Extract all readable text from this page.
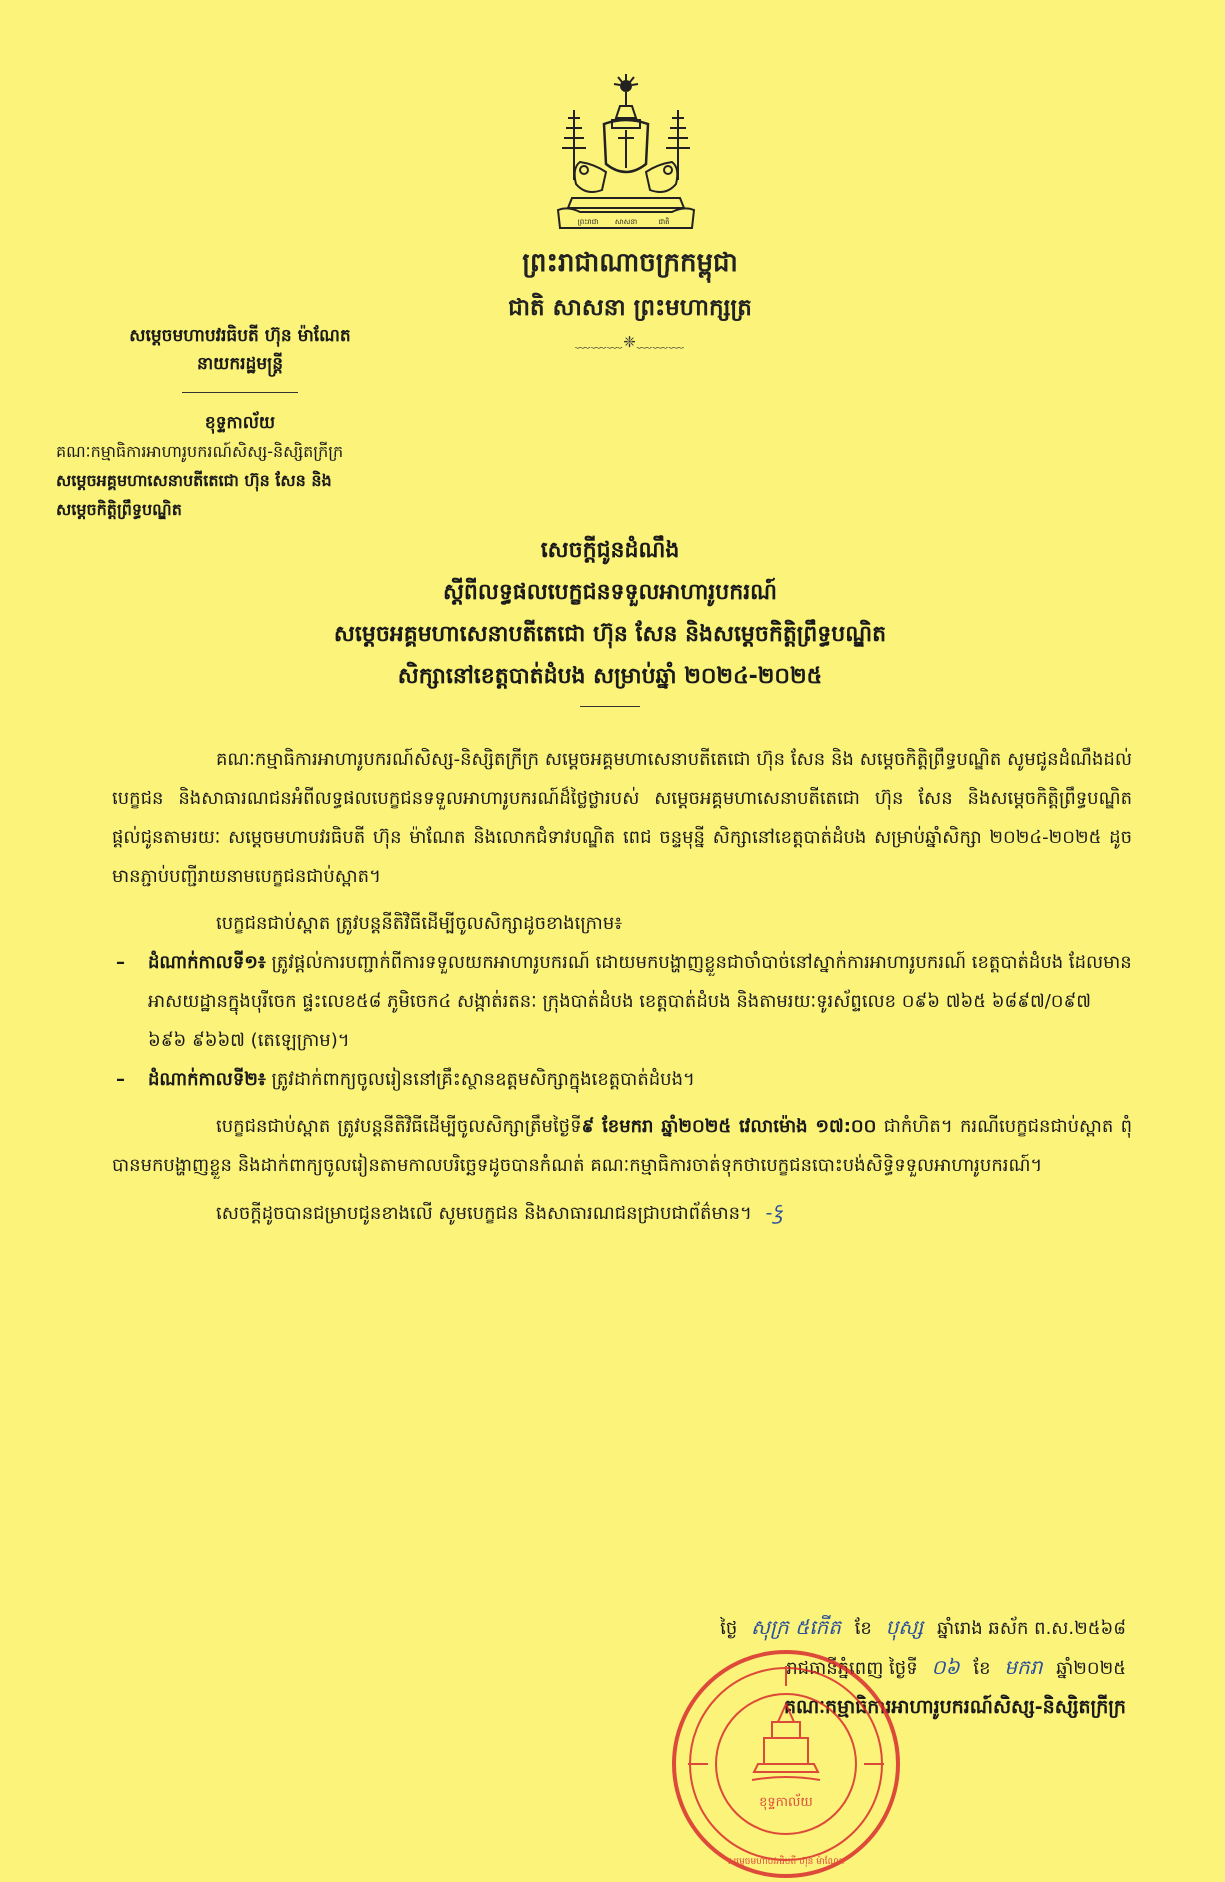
ព្រះរាជា សាសនា	ជាតិ
ព្រះរាជាណាចក្រកម្ពុជា
ជាតិ សាសនា ព្រះមហាក្សត្រ
﹏﹏﹏❈﹏﹏﹏
សម្តេចមហាបវរធិបតី ហ៊ុន ម៉ាណែត
នាយករដ្ឋមន្ត្រី
ខុទ្ទកាល័យ
គណៈកម្មាធិការអាហារូបករណ៍សិស្ស-និស្សិតក្រីក្រ
សម្តេចអគ្គមហាសេនាបតីតេជោ ហ៊ុន សែន និង
សម្តេចកិត្តិព្រឹទ្ធបណ្ឌិត
សេចក្តីជូនដំណឹង
ស្តីពីលទ្ធផលបេក្ខជនទទួលអាហារូបករណ៍
សម្តេចអគ្គមហាសេនាបតីតេជោ ហ៊ុន សែន និងសម្តេចកិត្តិព្រឹទ្ធបណ្ឌិត
សិក្សានៅខេត្តបាត់ដំបង សម្រាប់ឆ្នាំ ២០២៤-២០២៥
គណៈកម្មាធិការអាហារូបករណ៍សិស្ស-និស្សិតក្រីក្រ សម្តេចអគ្គមហាសេនាបតីតេជោ ហ៊ុន សែន និង សម្តេចកិត្តិព្រឹទ្ធបណ្ឌិត សូមជូនដំណឹងដល់បេក្ខជន និងសាធារណជនអំពីលទ្ធផលបេក្ខជនទទួលអាហារូបករណ៍ដ៏ថ្លៃថ្លារបស់ សម្តេចអគ្គមហាសេនាបតីតេជោ ហ៊ុន សែន និងសម្តេចកិត្តិព្រឹទ្ធបណ្ឌិត ផ្តល់ជូនតាមរយៈ សម្តេចមហាបវរធិបតី ហ៊ុន ម៉ាណែត និងលោកជំទាវបណ្ឌិត ពេជ ចន្ទមុន្នី សិក្សានៅខេត្តបាត់ដំបង សម្រាប់ឆ្នាំសិក្សា ២០២៤-២០២៥ ដូចមានភ្ជាប់បញ្ជីរាយនាមបេក្ខជនជាប់ស្ពាត។
បេក្ខជនជាប់ស្ពាត ត្រូវបន្តនីតិវិធីដើម្បីចូលសិក្សាដូចខាងក្រោម៖
– ដំណាក់កាលទី១៖ ត្រូវផ្តល់ការបញ្ជាក់ពីការទទួលយកអាហារូបករណ៍ ដោយមកបង្ហាញខ្លួនជាចាំបាច់នៅស្នាក់ការអាហារូបករណ៍ ខេត្តបាត់ដំបង ដែលមានអាសយដ្ឋានក្នុងបុរីចេក ផ្ទះលេខ៥៨ ភូមិចេក៤ សង្កាត់រតនៈ ក្រុងបាត់ដំបង ខេត្តបាត់ដំបង និងតាមរយៈទូរស័ព្ទលេខ ០៩៦ ៧៦៥ ៦៨៩៧/០៩៧ ៦៩៦ ៩៦៦៧ (តេឡេក្រាម)។
– ដំណាក់កាលទី២៖ ត្រូវដាក់ពាក្យចូលរៀននៅគ្រឹះស្ថានឧត្តមសិក្សាក្នុងខេត្តបាត់ដំបង។
បេក្ខជនជាប់ស្ពាត ត្រូវបន្តនីតិវិធីដើម្បីចូលសិក្សាត្រឹមថ្ងៃទី៩ ខែមករា ឆ្នាំ២០២៥ វេលាម៉ោង ១៧:០០ ជាកំហិត។ ករណីបេក្ខជនជាប់ស្ពាត ពុំបានមកបង្ហាញខ្លួន និងដាក់ពាក្យចូលរៀនតាមកាលបរិច្ឆេទដូចបានកំណត់ គណៈកម្មាធិការចាត់ទុកថាបេក្ខជនបោះបង់សិទ្ធិទទួលអាហារូបករណ៍។
សេចក្តីដូចបានជម្រាបជូនខាងលើ សូមបេក្ខជន និងសាធារណជនជ្រាបជាព័ត៌មាន។ -ꝣ
ថ្ងៃ សុក្រ ៥កើត ខែ បុស្ស ឆ្នាំរោង ឆស័ក ព.ស.២៥៦៨
រាជធានីភ្នំពេញ ថ្ងៃទី ០៦ ខែ មករា ឆ្នាំ២០២៥
គណៈកម្មាធិការអាហារូបករណ៍សិស្ស-និស្សិតក្រីក្រ
ខុទ្ទកាល័យ
សម្តេចមហាបវរធិបតី ហ៊ុន ម៉ាណែត
